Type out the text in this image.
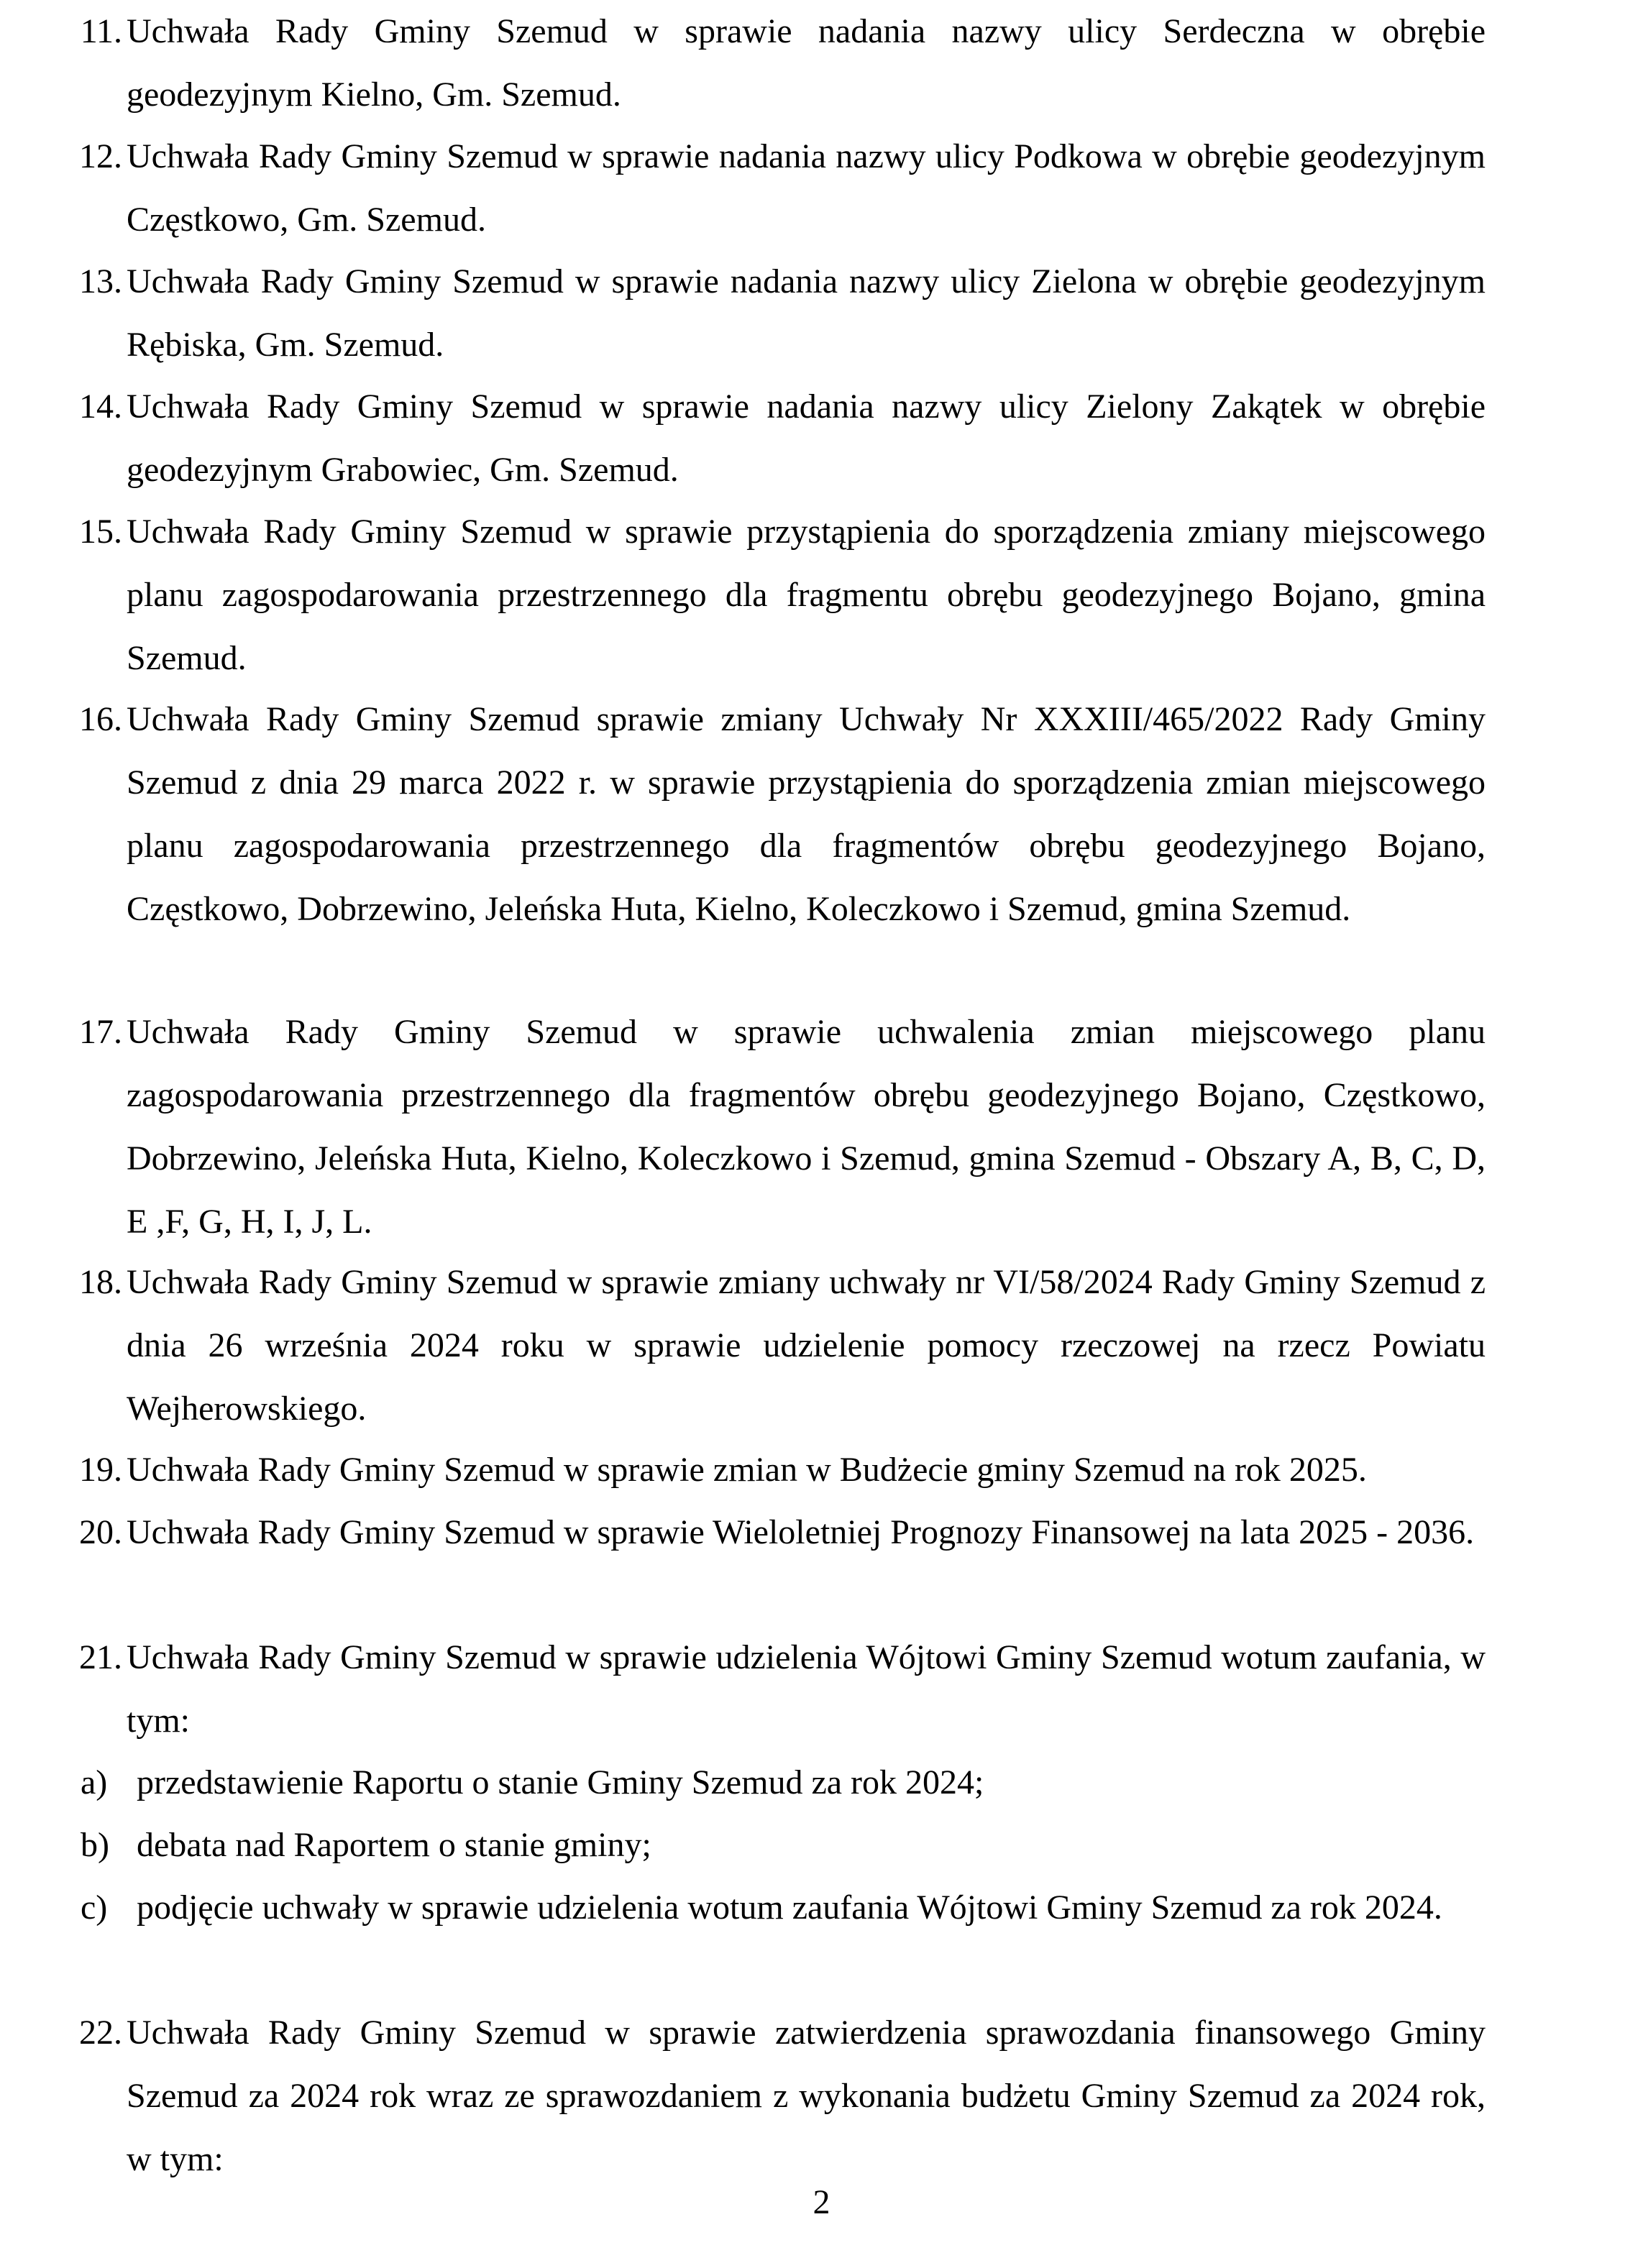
11. Uchwała Rady Gminy Szemud w sprawie nadania nazwy ulicy Serdeczna w obrębie geodezyjnym Kielno, Gm. Szemud.
12. Uchwała Rady Gminy Szemud w sprawie nadania nazwy ulicy Podkowa w obrębie geodezyjnym Częstkowo, Gm. Szemud.
13. Uchwała Rady Gminy Szemud w sprawie nadania nazwy ulicy Zielona w obrębie geodezyjnym Rębiska, Gm. Szemud.
14. Uchwała Rady Gminy Szemud w sprawie nadania nazwy ulicy Zielony Zakątek w obrębie geodezyjnym Grabowiec, Gm. Szemud.
15. Uchwała Rady Gminy Szemud w sprawie przystąpienia do sporządzenia zmiany miejscowego planu zagospodarowania przestrzennego dla fragmentu obrębu geodezyjnego Bojano, gmina Szemud.
16. Uchwała Rady Gminy Szemud sprawie zmiany Uchwały Nr XXXIII/465/2022 Rady Gminy Szemud z dnia 29 marca 2022 r. w sprawie przystąpienia do sporządzenia zmian miejscowego planu zagospodarowania przestrzennego dla fragmentów obrębu geodezyjnego Bojano, Częstkowo, Dobrzewino, Jeleńska Huta, Kielno, Koleczkowo i Szemud, gmina Szemud.
17. Uchwała Rady Gminy Szemud w sprawie uchwalenia zmian miejscowego planu zagospodarowania przestrzennego dla fragmentów obrębu geodezyjnego Bojano, Częstkowo, Dobrzewino, Jeleńska Huta, Kielno, Koleczkowo i Szemud, gmina Szemud - Obszary A, B, C, D, E ,F, G, H, I, J, L.
18. Uchwała Rady Gminy Szemud w sprawie zmiany uchwały nr VI/58/2024 Rady Gminy Szemud z dnia 26 września 2024 roku w sprawie udzielenie pomocy rzeczowej na rzecz Powiatu Wejherowskiego.
19. Uchwała Rady Gminy Szemud w sprawie zmian w Budżecie gminy Szemud na rok 2025.
20. Uchwała Rady Gminy Szemud w sprawie Wieloletniej Prognozy Finansowej na lata 2025 - 2036.
21. Uchwała Rady Gminy Szemud w sprawie udzielenia Wójtowi Gminy Szemud wotum zaufania, w tym:
a) przedstawienie Raportu o stanie Gminy Szemud za rok 2024;
b) debata nad Raportem o stanie gminy;
c) podjęcie uchwały w sprawie udzielenia wotum zaufania Wójtowi Gminy Szemud za rok 2024.
22. Uchwała Rady Gminy Szemud w sprawie zatwierdzenia sprawozdania finansowego Gminy Szemud za 2024 rok wraz ze sprawozdaniem z wykonania budżetu Gminy Szemud za 2024 rok, w tym:
2
